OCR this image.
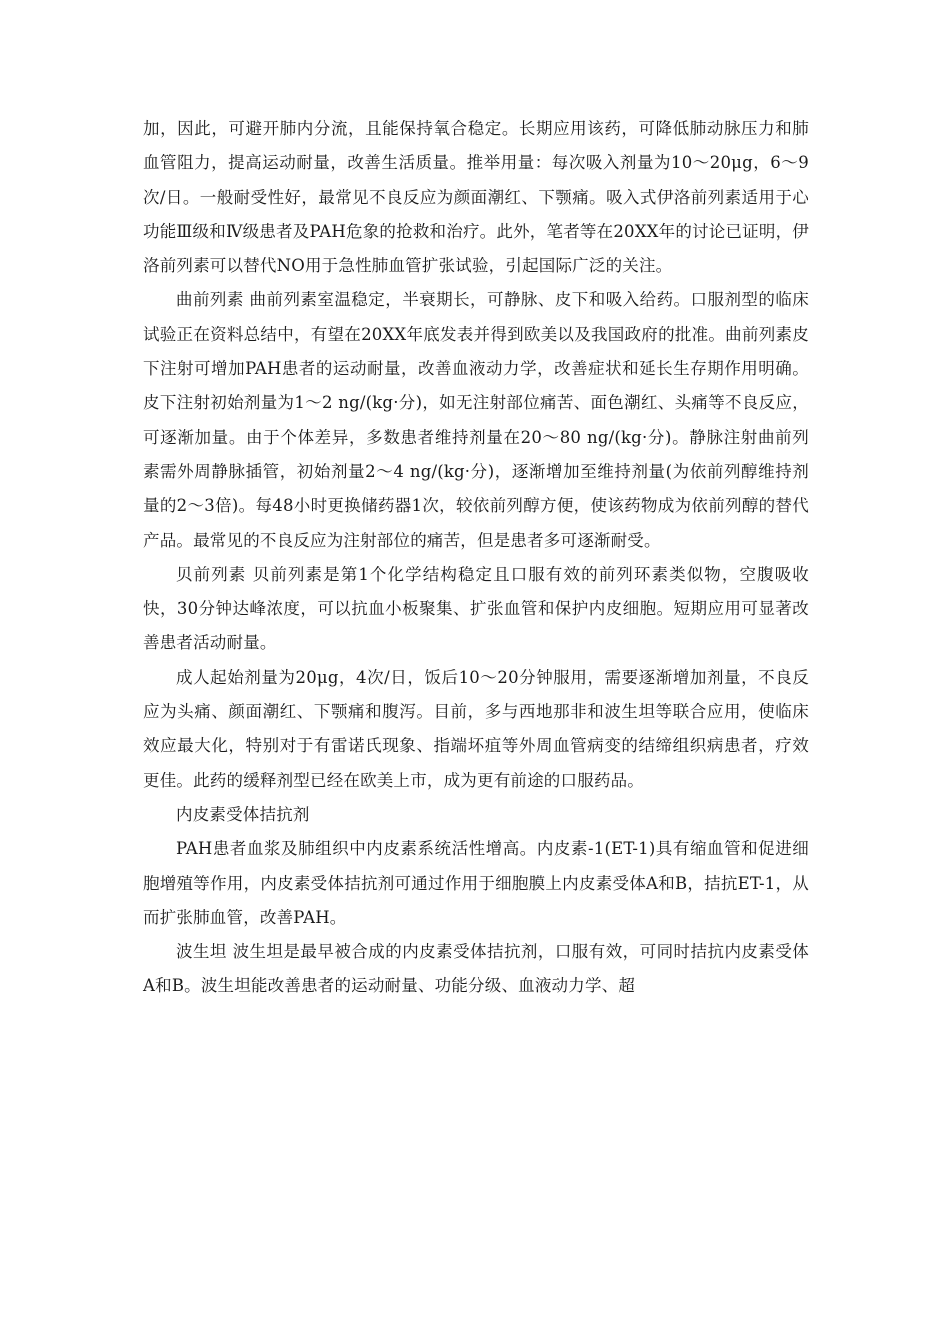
加，因此，可避开肺内分流，且能保持氧合稳定。长期应用该药，可降低肺动脉压力和肺血管阻力，提高运动耐量，改善生活质量。推举用量：每次吸入剂量为10～20μg，6～9次/日。一般耐受性好，最常见不良反应为颜面潮红、下颚痛。吸入式伊洛前列素适用于心功能Ⅲ级和Ⅳ级患者及PAH危象的抢救和治疗。此外，笔者等在20XX年的讨论已证明，伊洛前列素可以替代NO用于急性肺血管扩张试验，引起国际广泛的关注。

曲前列素 曲前列素室温稳定，半衰期长，可静脉、皮下和吸入给药。口服剂型的临床试验正在资料总结中，有望在20XX年底发表并得到欧美以及我国政府的批准。曲前列素皮下注射可增加PAH患者的运动耐量，改善血液动力学，改善症状和延长生存期作用明确。皮下注射初始剂量为1～2 ng/(kg·分)，如无注射部位痛苦、面色潮红、头痛等不良反应，可逐渐加量。由于个体差异，多数患者维持剂量在20～80 ng/(kg·分)。静脉注射曲前列素需外周静脉插管，初始剂量2～4 ng/(kg·分)，逐渐增加至维持剂量(为依前列醇维持剂量的2～3倍)。每48小时更换储药器1次，较依前列醇方便，使该药物成为依前列醇的替代产品。最常见的不良反应为注射部位的痛苦，但是患者多可逐渐耐受。

贝前列素 贝前列素是第1个化学结构稳定且口服有效的前列环素类似物，空腹吸收快，30分钟达峰浓度，可以抗血小板聚集、扩张血管和保护内皮细胞。短期应用可显著改善患者活动耐量。

成人起始剂量为20μg，4次/日，饭后10～20分钟服用，需要逐渐增加剂量，不良反应为头痛、颜面潮红、下颚痛和腹泻。目前，多与西地那非和波生坦等联合应用，使临床效应最大化，特别对于有雷诺氏现象、指端坏疽等外周血管病变的结缔组织病患者，疗效更佳。此药的缓释剂型已经在欧美上市，成为更有前途的口服药品。

内皮素受体拮抗剂

PAH患者血浆及肺组织中内皮素系统活性增高。内皮素-1(ET-1)具有缩血管和促进细胞增殖等作用，内皮素受体拮抗剂可通过作用于细胞膜上内皮素受体A和B，拮抗ET-1，从而扩张肺血管，改善PAH。

波生坦 波生坦是最早被合成的内皮素受体拮抗剂，口服有效，可同时拮抗内皮素受体A和B。波生坦能改善患者的运动耐量、功能分级、血液动力学、超
